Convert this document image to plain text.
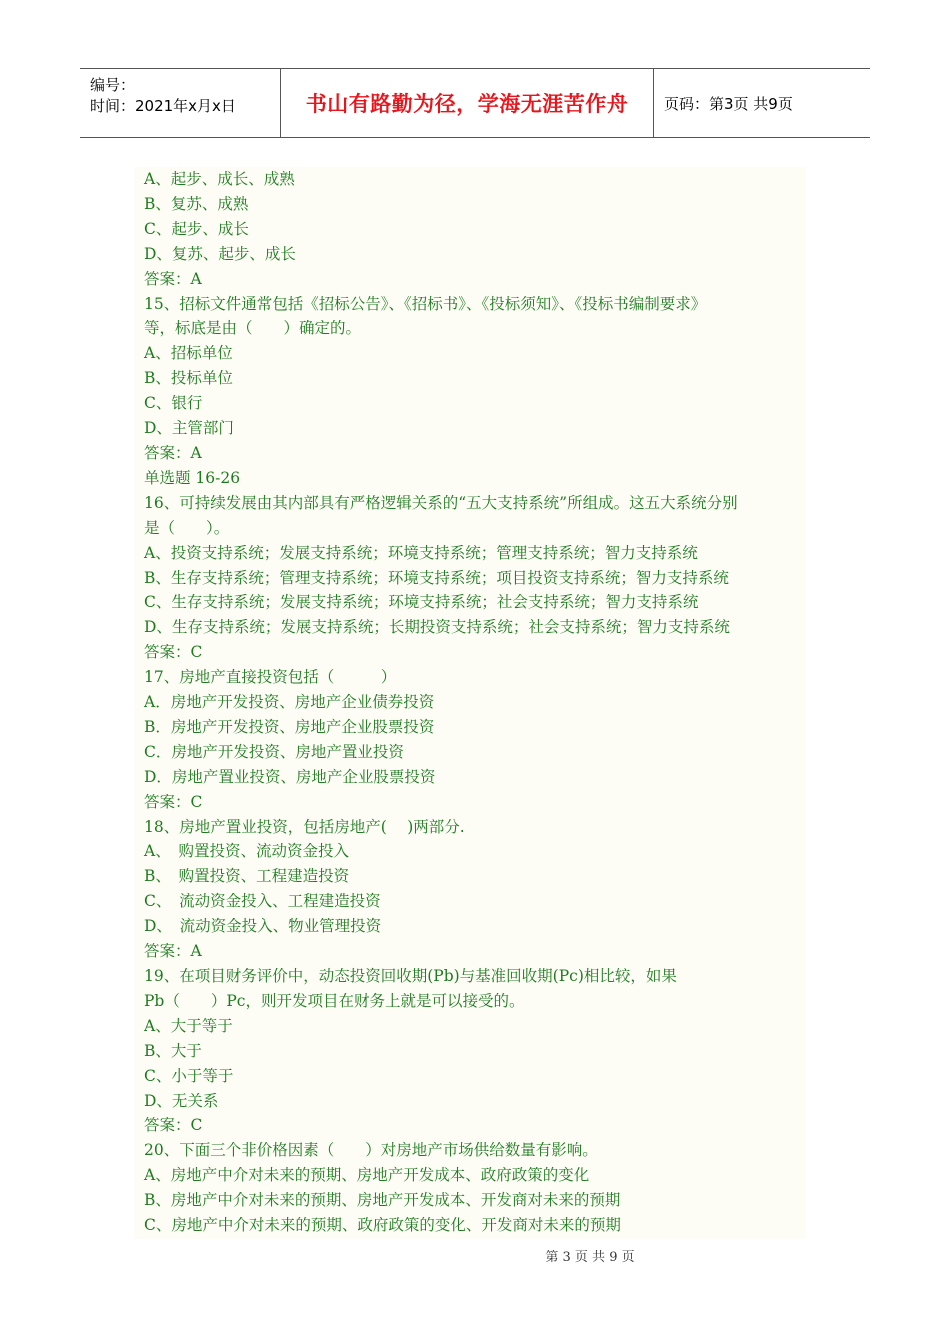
编号：
时间：2021年x月x日	书山有路勤为径，学海无涯苦作舟	页码：第3页 共9页
A、起步、成长、成熟
B、复苏、成熟
C、起步、成长
D、复苏、起步、成长
答案：A
15、招标文件通常包括《招标公告》、《招标书》、《投标须知》、《投标书编制要求》
等，标底是由（　　）确定的。
A、招标单位
B、投标单位
C、银行
D、主管部门
答案：A
单选题 16-26
16、可持续发展由其内部具有严格逻辑关系的“五大支持系统”所组成。这五大系统分别
是（　　）。
A、投资支持系统；发展支持系统；环境支持系统；管理支持系统；智力支持系统
B、生存支持系统；管理支持系统；环境支持系统；项目投资支持系统；智力支持系统
C、生存支持系统；发展支持系统；环境支持系统；社会支持系统；智力支持系统
D、生存支持系统；发展支持系统；长期投资支持系统；社会支持系统；智力支持系统
答案：C
17、房地产直接投资包括（　　　）
A．房地产开发投资、房地产企业债券投资
B．房地产开发投资、房地产企业股票投资
C．房地产开发投资、房地产置业投资
D．房地产置业投资、房地产企业股票投资
答案：C
18、房地产置业投资，包括房地产(　 )两部分.
A、　购置投资、流动资金投入
B、　购置投资、工程建造投资
C、　流动资金投入、工程建造投资
D、　流动资金投入、物业管理投资
答案：A
19、在项目财务评价中，动态投资回收期(Pb)与基准回收期(Pc)相比较，如果
Pb（　　）Pc，则开发项目在财务上就是可以接受的。
A、大于等于
B、大于
C、小于等于
D、无关系
答案：C
20、下面三个非价格因素（　　）对房地产市场供给数量有影响。
A、房地产中介对未来的预期、房地产开发成本、政府政策的变化
B、房地产中介对未来的预期、房地产开发成本、开发商对未来的预期
C、房地产中介对未来的预期、政府政策的变化、开发商对未来的预期
第 3 页 共 9 页
